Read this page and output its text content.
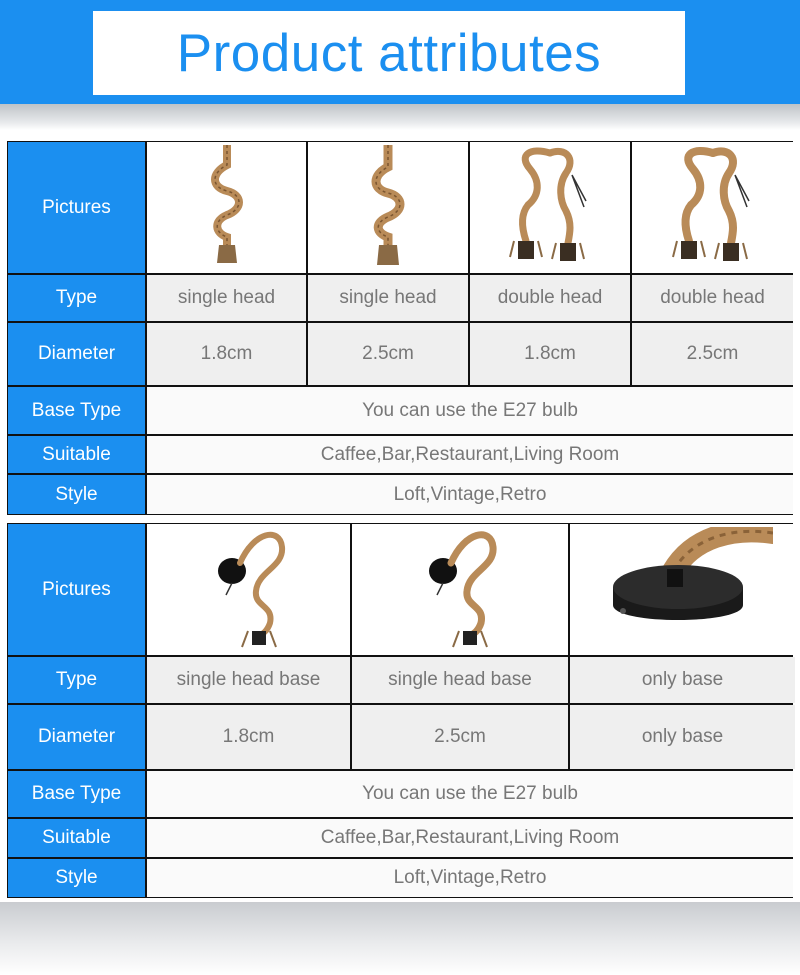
Product attributes
Pictures
Type	single head	single head	double head	double head
Diameter	1.8cm	2.5cm	1.8cm	2.5cm
Base Type	You can use the E27 bulb
Suitable	Caffee,Bar,Restaurant,Living Room
Style	Loft,Vintage,Retro
Pictures
Type	single head base	single head base	only base
Diameter	1.8cm	2.5cm	only base
Base Type	You can use the E27 bulb
Suitable	Caffee,Bar,Restaurant,Living Room
Style	Loft,Vintage,Retro
